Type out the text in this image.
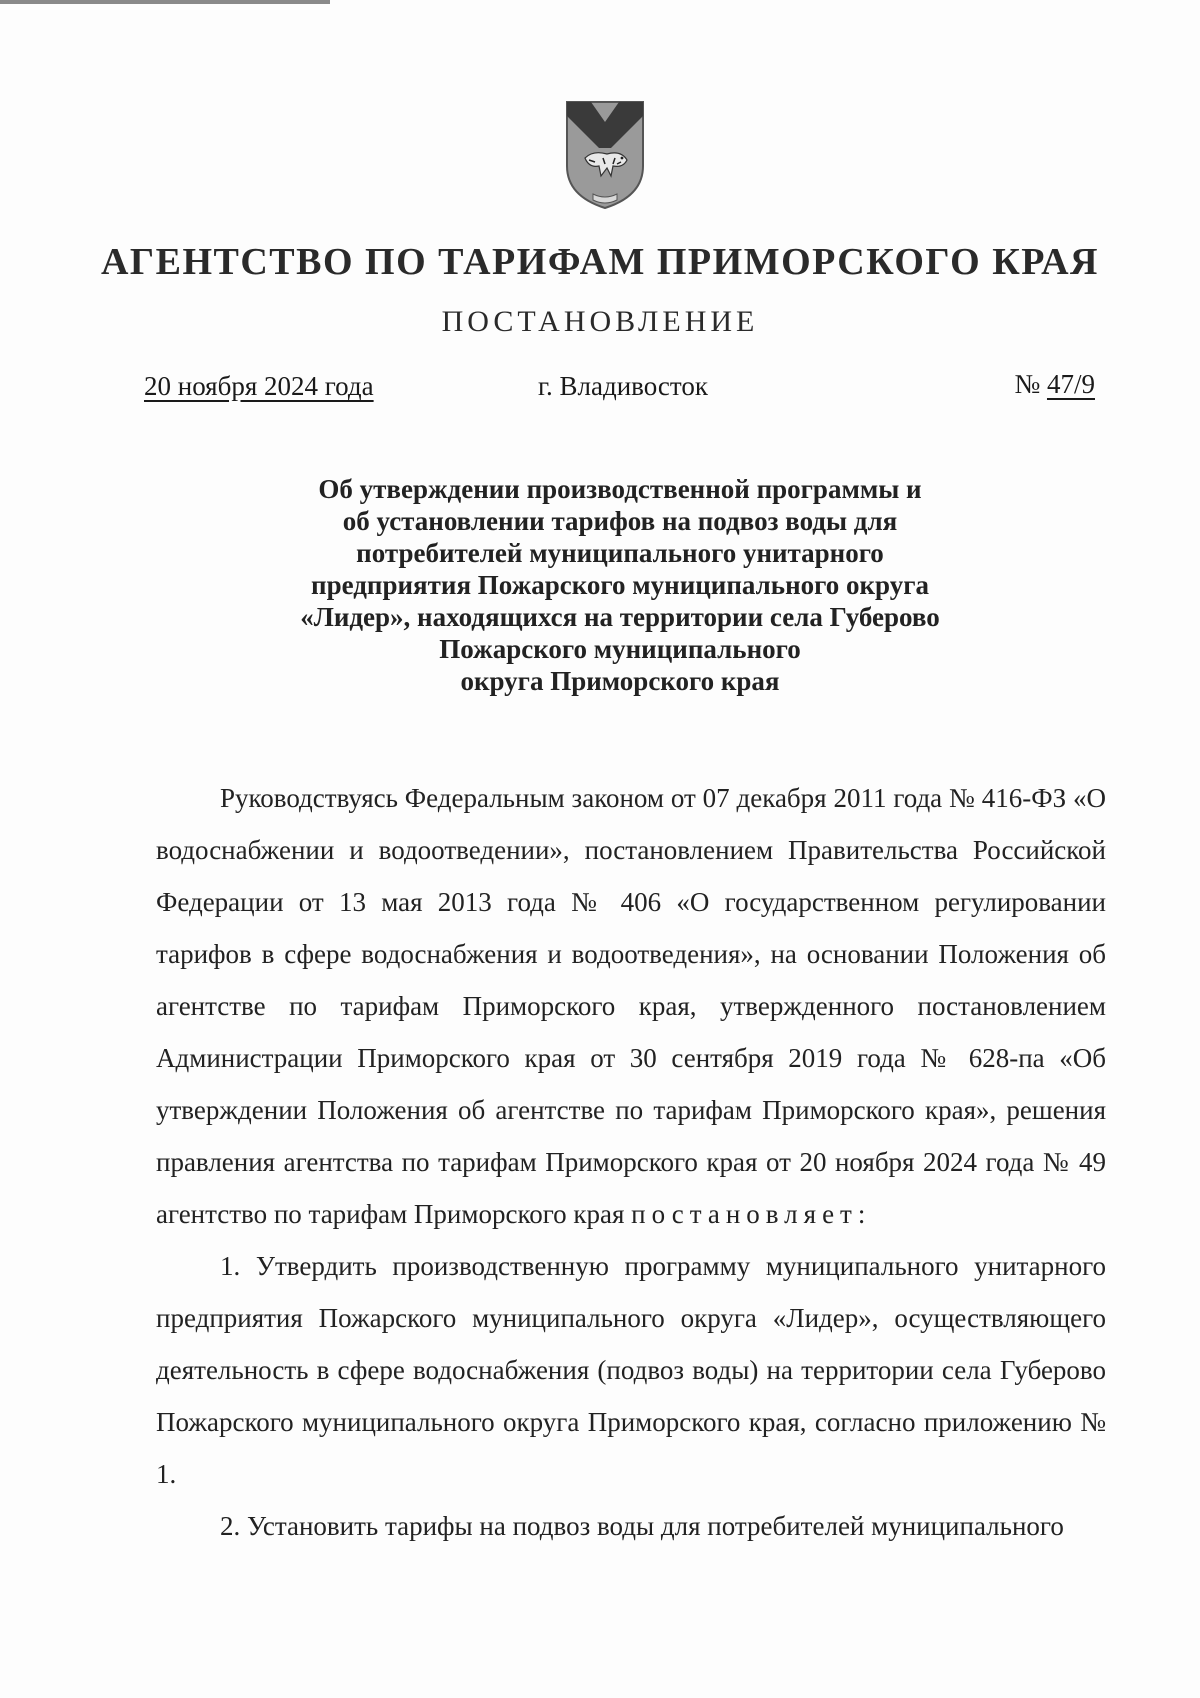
АГЕНТСТВО ПО ТАРИФАМ ПРИМОРСКОГО КРАЯ
ПОСТАНОВЛЕНИЕ
20 ноября 2024 года	г. Владивосток	№ 47/9
Об утверждении производственной программы и
об установлении тарифов на подвоз воды для
потребителей муниципального унитарного
предприятия Пожарского муниципального округа
«Лидер», находящихся на территории села Губерово
Пожарского муниципального
округа Приморского края

Руководствуясь Федеральным законом от 07 декабря 2011 года № 416-ФЗ «О водоснабжении и водоотведении», постановлением Правительства Российской Федерации от 13 мая 2013 года № 406 «О государственном регулировании тарифов в сфере водоснабжения и водоотведения», на основании Положения об агентстве по тарифам Приморского края, утвержденного постановлением Администрации Приморского края от 30 сентября 2019 года № 628-па «Об утверждении Положения об агентстве по тарифам Приморского края», решения правления агентства по тарифам Приморского края от 20 ноября 2024 года № 49 агентство по тарифам Приморского края постановляет:

1. Утвердить производственную программу муниципального унитарного предприятия Пожарского муниципального округа «Лидер», осуществляющего деятельность в сфере водоснабжения (подвоз воды) на территории села Губерово Пожарского муниципального округа Приморского края, согласно приложению № 1.

2. Установить тарифы на подвоз воды для потребителей муниципального
